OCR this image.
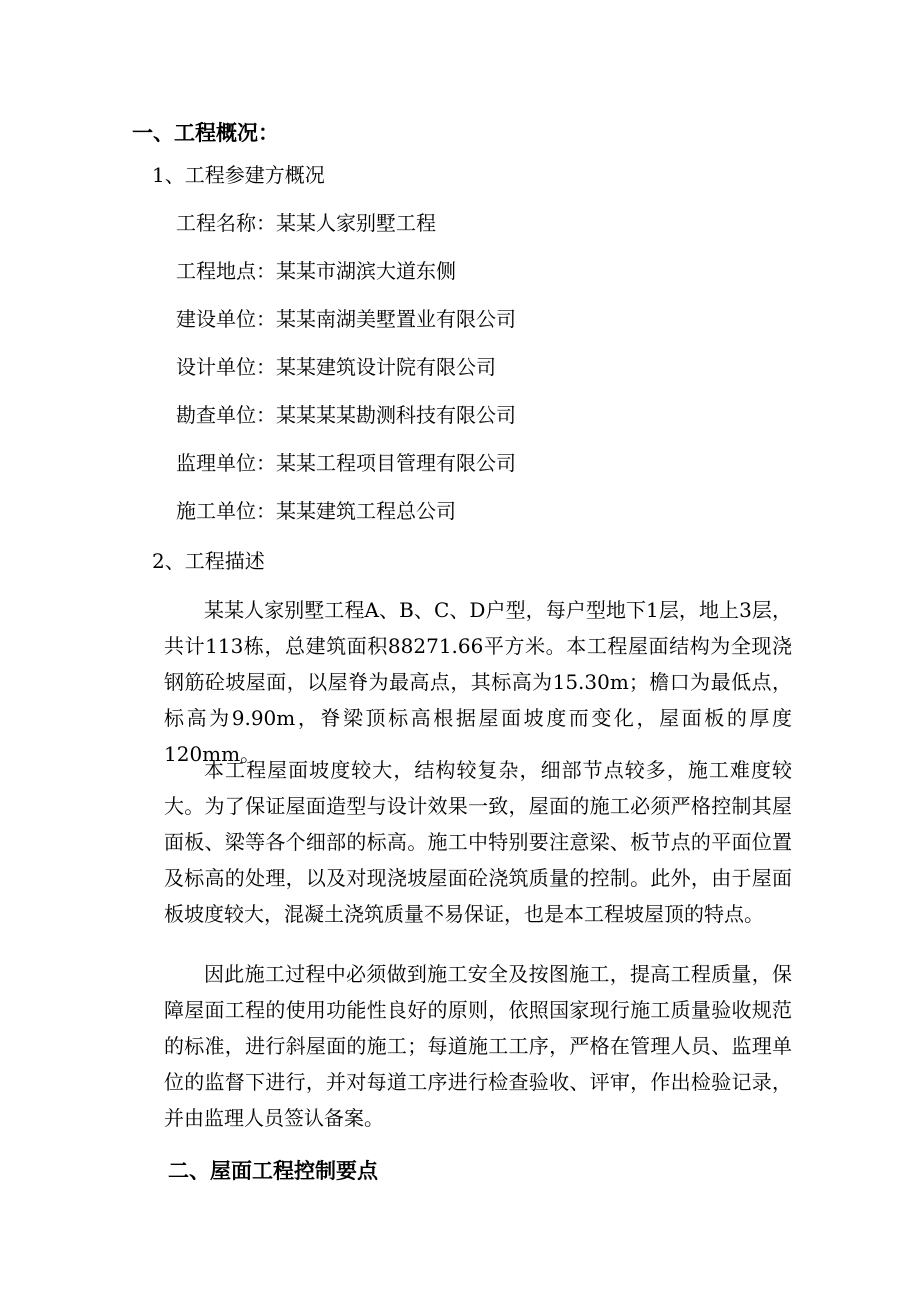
一、工程概况：

1、工程参建方概况

工程名称：某某人家别墅工程

工程地点：某某市湖滨大道东侧

建设单位：某某南湖美墅置业有限公司

设计单位：某某建筑设计院有限公司

勘查单位：某某某某勘测科技有限公司

监理单位：某某工程项目管理有限公司

施工单位：某某建筑工程总公司

2、工程描述

某某人家别墅工程A、B、C、D户型，每户型地下1层，地上3层，共计113栋，总建筑面积88271.66平方米。本工程屋面结构为全现浇钢筋砼坡屋面，以屋脊为最高点，其标高为15.30m；檐口为最低点，标高为9.90m，脊梁顶标高根据屋面坡度而变化，屋面板的厚度120mm。

本工程屋面坡度较大，结构较复杂，细部节点较多，施工难度较大。为了保证屋面造型与设计效果一致，屋面的施工必须严格控制其屋面板、梁等各个细部的标高。施工中特别要注意梁、板节点的平面位置及标高的处理，以及对现浇坡屋面砼浇筑质量的控制。此外，由于屋面板坡度较大，混凝土浇筑质量不易保证，也是本工程坡屋顶的特点。

因此施工过程中必须做到施工安全及按图施工，提高工程质量，保障屋面工程的使用功能性良好的原则，依照国家现行施工质量验收规范的标准，进行斜屋面的施工；每道施工工序，严格在管理人员、监理单位的监督下进行，并对每道工序进行检查验收、评审，作出检验记录，并由监理人员签认备案。

二、屋面工程控制要点
